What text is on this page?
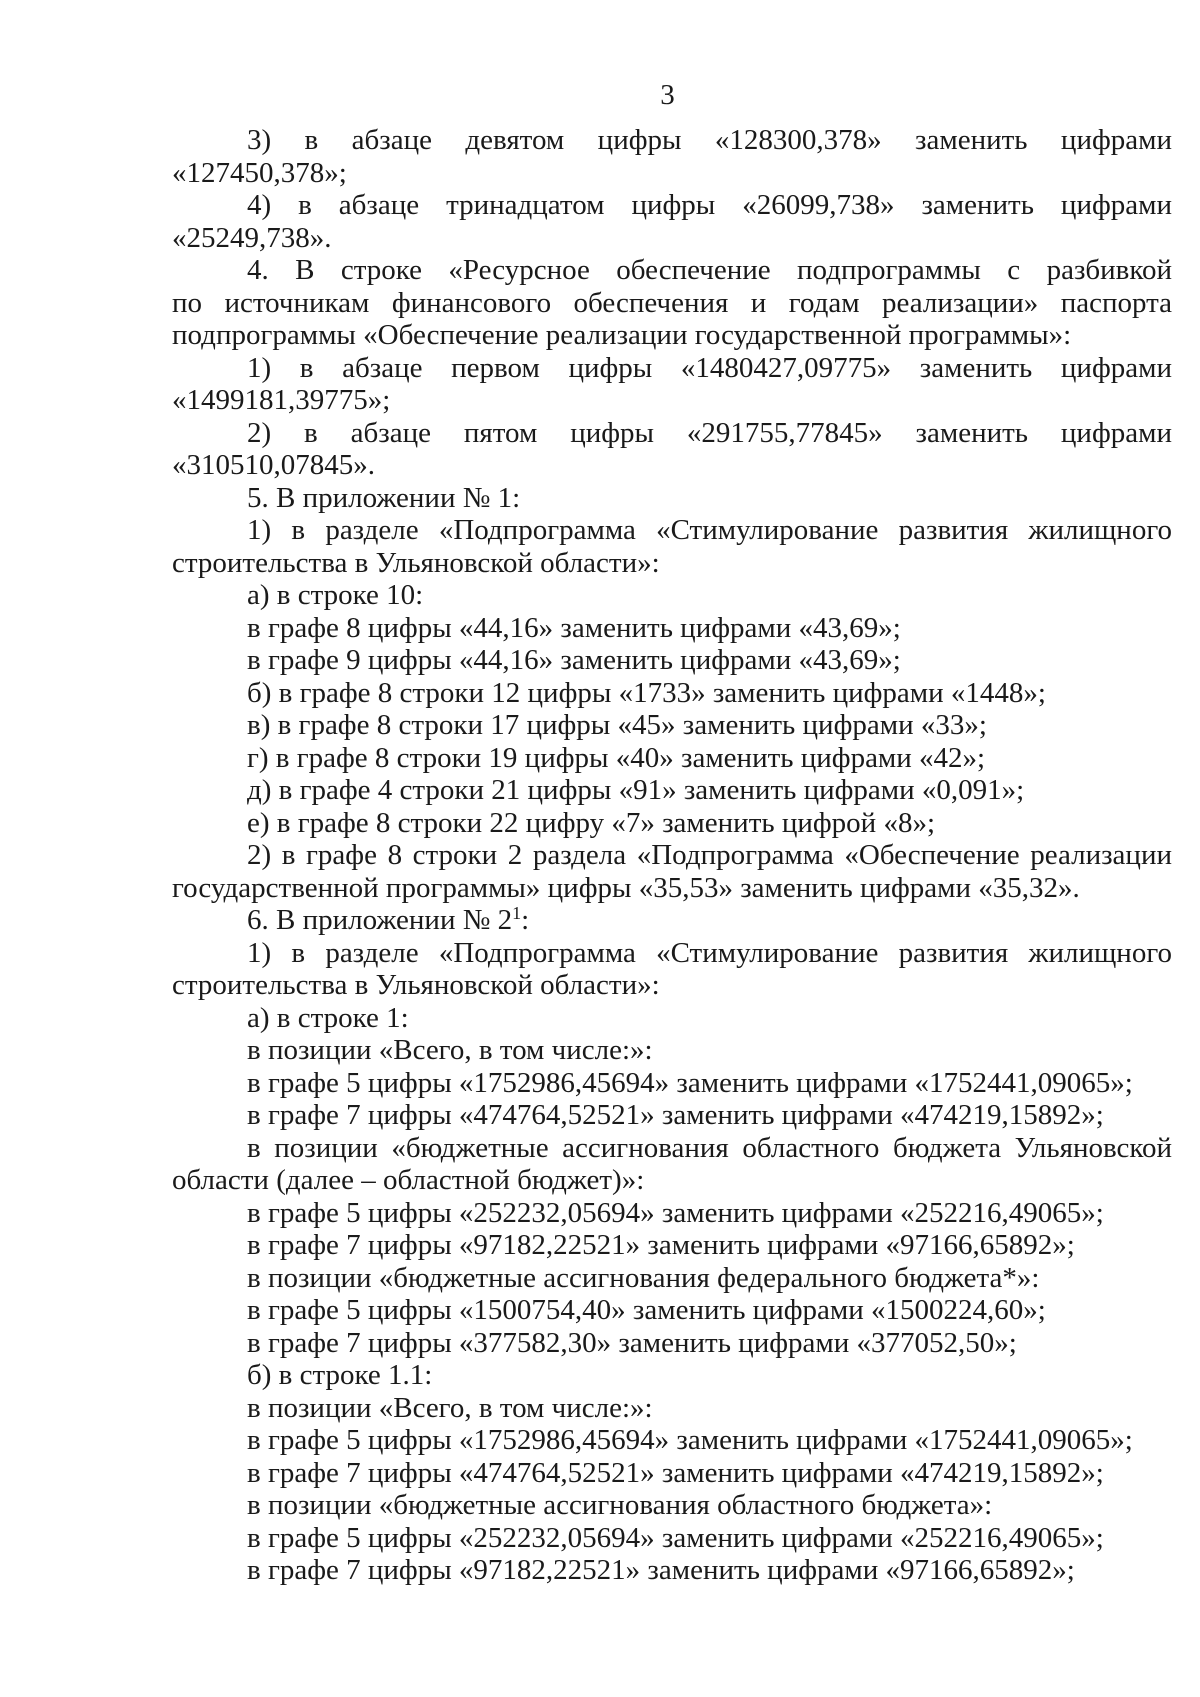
3
3) в абзаце девятом цифры «128300,378» заменить цифрами
«127450,378»;
4) в абзаце тринадцатом цифры «26099,738» заменить цифрами
«25249,738».
4. В строке «Ресурсное обеспечение подпрограммы с разбивкой
по источникам финансового обеспечения и годам реализации» паспорта
подпрограммы «Обеспечение реализации государственной программы»:
1) в абзаце первом цифры «1480427,09775» заменить цифрами
«1499181,39775»;
2) в абзаце пятом цифры «291755,77845» заменить цифрами
«310510,07845».
5. В приложении № 1:
1) в разделе «Подпрограмма «Стимулирование развития жилищного
строительства в Ульяновской области»:
а) в строке 10:
в графе 8 цифры «44,16» заменить цифрами «43,69»;
в графе 9 цифры «44,16» заменить цифрами «43,69»;
б) в графе 8 строки 12 цифры «1733» заменить цифрами «1448»;
в) в графе 8 строки 17 цифры «45» заменить цифрами «33»;
г) в графе 8 строки 19 цифры «40» заменить цифрами «42»;
д) в графе 4 строки 21 цифры «91» заменить цифрами «0,091»;
е) в графе 8 строки 22 цифру «7» заменить цифрой «8»;
2) в графе 8 строки 2 раздела «Подпрограмма «Обеспечение реализации
государственной программы» цифры «35,53» заменить цифрами «35,32».
6. В приложении № $2^1$:
1) в разделе «Подпрограмма «Стимулирование развития жилищного
строительства в Ульяновской области»:
а) в строке 1:
в позиции «Всего, в том числе:»:
в графе 5 цифры «1752986,45694» заменить цифрами «1752441,09065»;
в графе 7 цифры «474764,52521» заменить цифрами «474219,15892»;
в позиции «бюджетные ассигнования областного бюджета Ульяновской
области (далее – областной бюджет)»:
в графе 5 цифры «252232,05694» заменить цифрами «252216,49065»;
в графе 7 цифры «97182,22521» заменить цифрами «97166,65892»;
в позиции «бюджетные ассигнования федерального бюджета*»:
в графе 5 цифры «1500754,40» заменить цифрами «1500224,60»;
в графе 7 цифры «377582,30» заменить цифрами «377052,50»;
б) в строке 1.1:
в позиции «Всего, в том числе:»:
в графе 5 цифры «1752986,45694» заменить цифрами «1752441,09065»;
в графе 7 цифры «474764,52521» заменить цифрами «474219,15892»;
в позиции «бюджетные ассигнования областного бюджета»:
в графе 5 цифры «252232,05694» заменить цифрами «252216,49065»;
в графе 7 цифры «97182,22521» заменить цифрами «97166,65892»;
